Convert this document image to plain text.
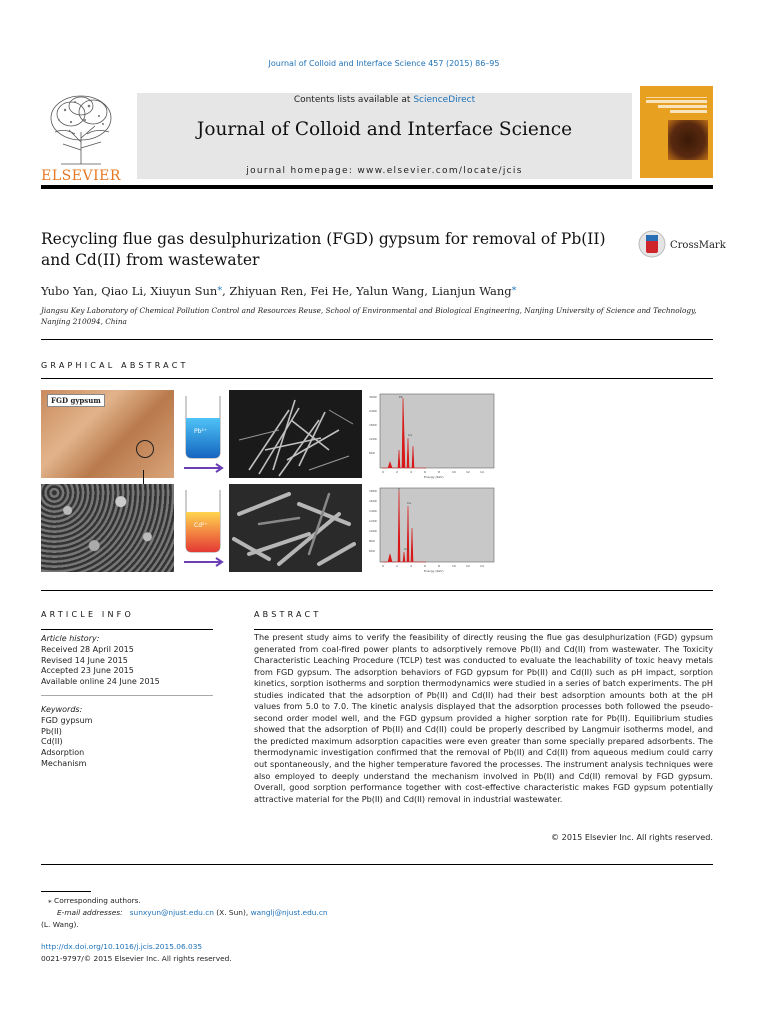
Journal of Colloid and Interface Science 457 (2015) 86–95
ELSEVIER
Contents lists available at ScienceDirect
Journal of Colloid and Interface Science
journal homepage: www.elsevier.com/locate/jcis
Recycling flue gas desulphurization (FGD) gypsum for removal of Pb(II) and Cd(II) from wastewater
CrossMark
Yubo Yan, Qiao Li, Xiuyun Sun⁎, Zhiyuan Ren, Fei He, Yalun Wang, Lianjun Wang⁎
Jiangsu Key Laboratory of Chemical Pollution Control and Resources Reuse, School of Environmental and Biological Engineering, Nanjing University of Science and Technology, Nanjing 210094, China
GRAPHICAL ABSTRACT
FGD gypsum
Pb²⁺
Cd²⁺
3000
2400
1800
1200
600
0	2	4	6	8	10	12	14
Energy (KeV)
Pb
Ca
1800
1600
1400
1200
1000
800
600
0	2	4	6	8	10	12	14
Energy (KeV)
S
Ca
Cd
ARTICLE INFO
Article history:
Received 28 April 2015
Revised 14 June 2015
Accepted 23 June 2015
Available online 24 June 2015
Keywords:
FGD gypsum
Pb(II)
Cd(II)
Adsorption
Mechanism
ABSTRACT
The present study aims to verify the feasibility of directly reusing the flue gas desulphurization (FGD) gypsum generated from coal-fired power plants to adsorptively remove Pb(II) and Cd(II) from wastewater. The Toxicity Characteristic Leaching Procedure (TCLP) test was conducted to evaluate the leachability of toxic heavy metals from FGD gypsum. The adsorption behaviors of FGD gypsum for Pb(II) and Cd(II) such as pH impact, sorption kinetics, sorption isotherms and sorption thermodynamics were studied in a series of batch experiments. The pH studies indicated that the adsorption of Pb(II) and Cd(II) had their best adsorption amounts both at the pH values from 5.0 to 7.0. The kinetic analysis displayed that the adsorption processes both followed the pseudo-second order model well, and the FGD gypsum provided a higher sorption rate for Pb(II). Equilibrium studies showed that the adsorption of Pb(II) and Cd(II) could be properly described by Langmuir isotherms model, and the predicted maximum adsorption capacities were even greater than some specially prepared adsorbents. The thermodynamic investigation confirmed that the removal of Pb(II) and Cd(II) from aqueous medium could carry out spontaneously, and the higher temperature favored the processes. The instrument analysis techniques were also employed to deeply understand the mechanism involved in Pb(II) and Cd(II) removal by FGD gypsum. Overall, good sorption performance together with cost-effective characteristic makes FGD gypsum potentially attractive material for the Pb(II) and Cd(II) removal in industrial wastewater.
© 2015 Elsevier Inc. All rights reserved.
⁎ Corresponding authors.
E-mail addresses: sunxyun@njust.edu.cn (X. Sun), wanglj@njust.edu.cn
(L. Wang).
http://dx.doi.org/10.1016/j.jcis.2015.06.035
0021-9797/© 2015 Elsevier Inc. All rights reserved.
